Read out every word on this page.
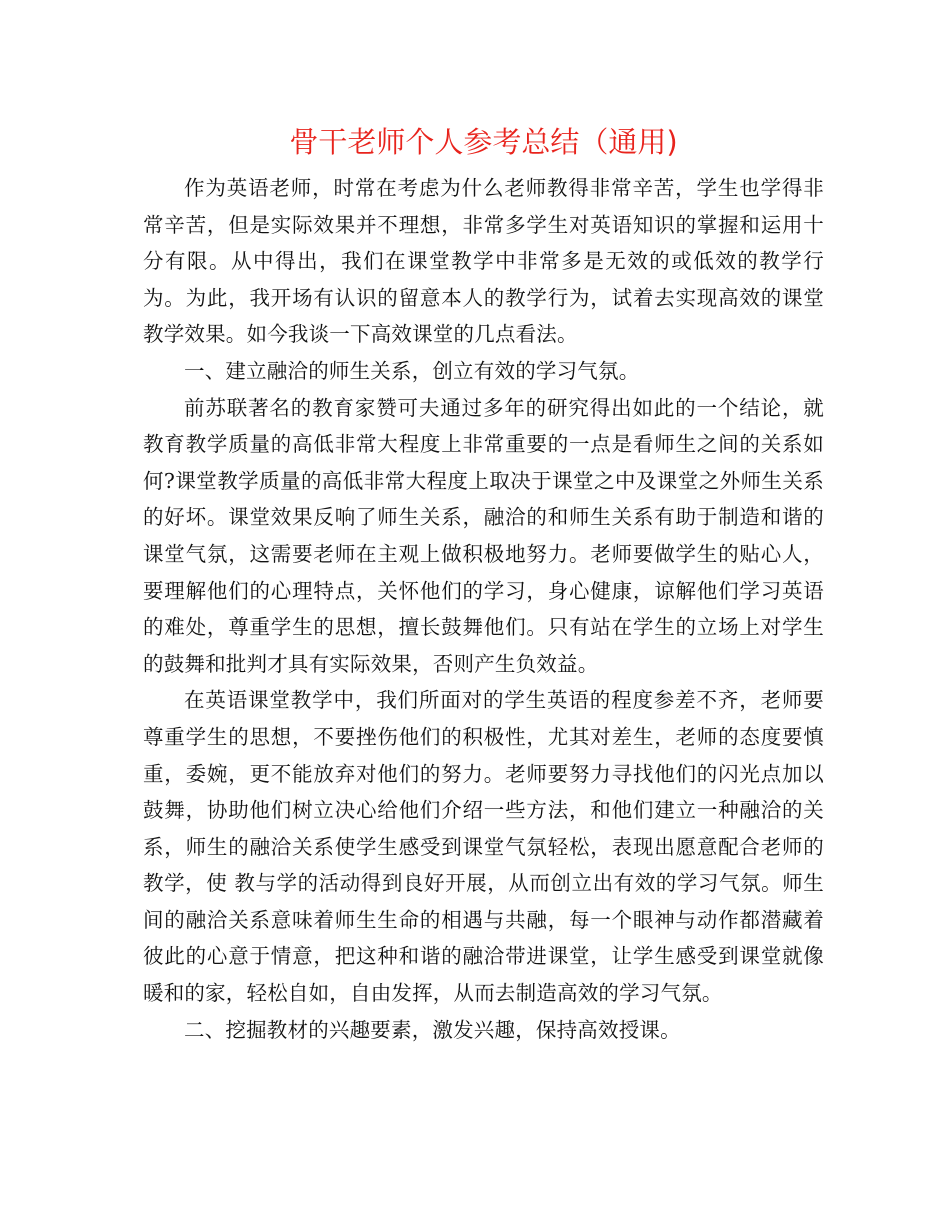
骨干老师个人参考总结（通用)

作为英语老师，时常在考虑为什么老师教得非常辛苦，学生也学得非常辛苦，但是实际效果并不理想，非常多学生对英语知识的掌握和运用十分有限。从中得出，我们在课堂教学中非常多是无效的或低效的教学行为。为此，我开场有认识的留意本人的教学行为，试着去实现高效的课堂教学效果。如今我谈一下高效课堂的几点看法。

一、建立融洽的师生关系，创立有效的学习气氛。

前苏联著名的教育家赞可夫通过多年的研究得出如此的一个结论，就教育教学质量的高低非常大程度上非常重要的一点是看师生之间的关系如何?课堂教学质量的高低非常大程度上取决于课堂之中及课堂之外师生关系的好坏。课堂效果反响了师生关系，融洽的和师生关系有助于制造和谐的课堂气氛，这需要老师在主观上做积极地努力。老师要做学生的贴心人，要理解他们的心理特点，关怀他们的学习，身心健康，谅解他们学习英语的难处，尊重学生的思想，擅长鼓舞他们。只有站在学生的立场上对学生的鼓舞和批判才具有实际效果，否则产生负效益。

在英语课堂教学中，我们所面对的学生英语的程度参差不齐，老师要尊重学生的思想，不要挫伤他们的积极性，尤其对差生，老师的态度要慎重，委婉，更不能放弃对他们的努力。老师要努力寻找他们的闪光点加以鼓舞，协助他们树立决心给他们介绍一些方法，和他们建立一种融洽的关系，师生的融洽关系使学生感受到课堂气氛轻松，表现出愿意配合老师的教学，使 教与学的活动得到良好开展，从而创立出有效的学习气氛。师生间的融洽关系意味着师生生命的相遇与共融，每一个眼神与动作都潜藏着彼此的心意于情意，把这种和谐的融洽带进课堂，让学生感受到课堂就像暖和的家，轻松自如，自由发挥，从而去制造高效的学习气氛。

二、挖掘教材的兴趣要素，激发兴趣，保持高效授课。
